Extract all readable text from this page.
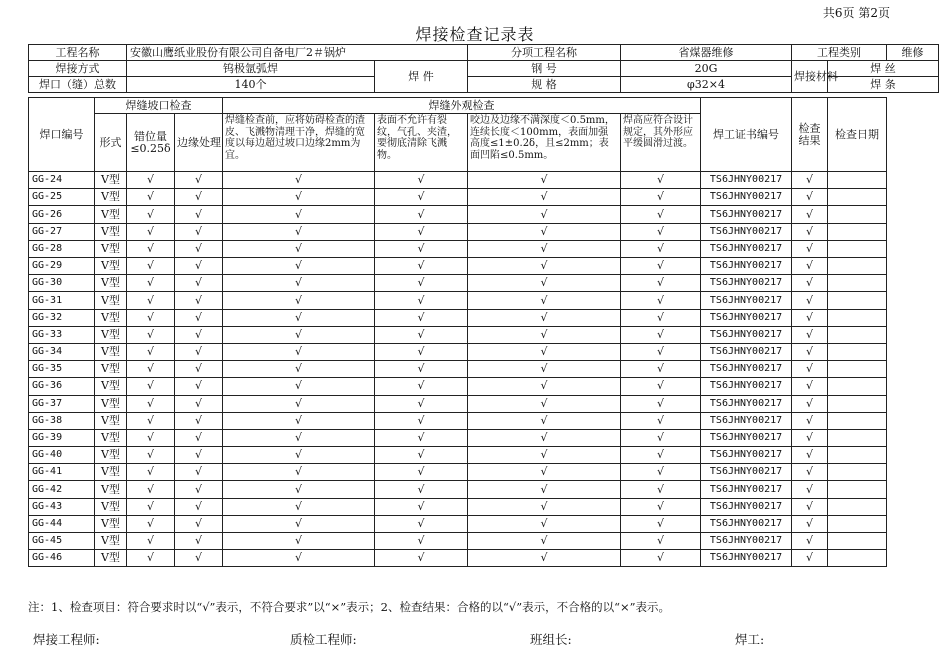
共6页 第2页
焊接检查记录表
工程名称	安徽山鹰纸业股份有限公司自备电厂2＃锅炉		分项工程名称	省煤器维修	工程类别		维修	
焊接方式	钨极氩弧焊	焊 件	钢 号	20G	焊接材料	焊 丝	
焊口（缝）总数	140个		规 格	φ32×4		焊 条	
焊口编号	焊缝坡口检查			焊缝外观检查				焊工证书编号	检查结果	检查日期
	形式	错位量≤0.25δ	边缘处理	焊缝检查前，应将妨碍检查的渣皮、飞溅物清理干净，焊缝的宽度以每边超过坡口边缘2mm为宜。	表面不允许有裂纹，气孔、夹渣，要彻底清除飞溅物。	咬边及边缘不满深度＜0.5mm，连续长度＜100mm，表面加强高度≤1±0.2δ，且≤2mm；表面凹陷≤0.5mm。	焊高应符合设计规定，其外形应平缓圆滑过渡。			
GG-24	V型	√	√	√	√	√	√	TS6JHNY00217	√	
GG-25	V型	√	√	√	√	√	√	TS6JHNY00217	√	
GG-26	V型	√	√	√	√	√	√	TS6JHNY00217	√	
GG-27	V型	√	√	√	√	√	√	TS6JHNY00217	√	
GG-28	V型	√	√	√	√	√	√	TS6JHNY00217	√	
GG-29	V型	√	√	√	√	√	√	TS6JHNY00217	√	
GG-30	V型	√	√	√	√	√	√	TS6JHNY00217	√	
GG-31	V型	√	√	√	√	√	√	TS6JHNY00217	√	
GG-32	V型	√	√	√	√	√	√	TS6JHNY00217	√	
GG-33	V型	√	√	√	√	√	√	TS6JHNY00217	√	
GG-34	V型	√	√	√	√	√	√	TS6JHNY00217	√	
GG-35	V型	√	√	√	√	√	√	TS6JHNY00217	√	
GG-36	V型	√	√	√	√	√	√	TS6JHNY00217	√	
GG-37	V型	√	√	√	√	√	√	TS6JHNY00217	√	
GG-38	V型	√	√	√	√	√	√	TS6JHNY00217	√	
GG-39	V型	√	√	√	√	√	√	TS6JHNY00217	√	
GG-40	V型	√	√	√	√	√	√	TS6JHNY00217	√	
GG-41	V型	√	√	√	√	√	√	TS6JHNY00217	√	
GG-42	V型	√	√	√	√	√	√	TS6JHNY00217	√	
GG-43	V型	√	√	√	√	√	√	TS6JHNY00217	√	
GG-44	V型	√	√	√	√	√	√	TS6JHNY00217	√	
GG-45	V型	√	√	√	√	√	√	TS6JHNY00217	√	
GG-46	V型	√	√	√	√	√	√	TS6JHNY00217	√	
注：1、检查项目：符合要求时以“√”表示，不符合要求”以“×”表示；2、检查结果：合格的以“√”表示，不合格的以“×”表示。
焊接工程师:	质检工程师:	班组长:	焊工:
